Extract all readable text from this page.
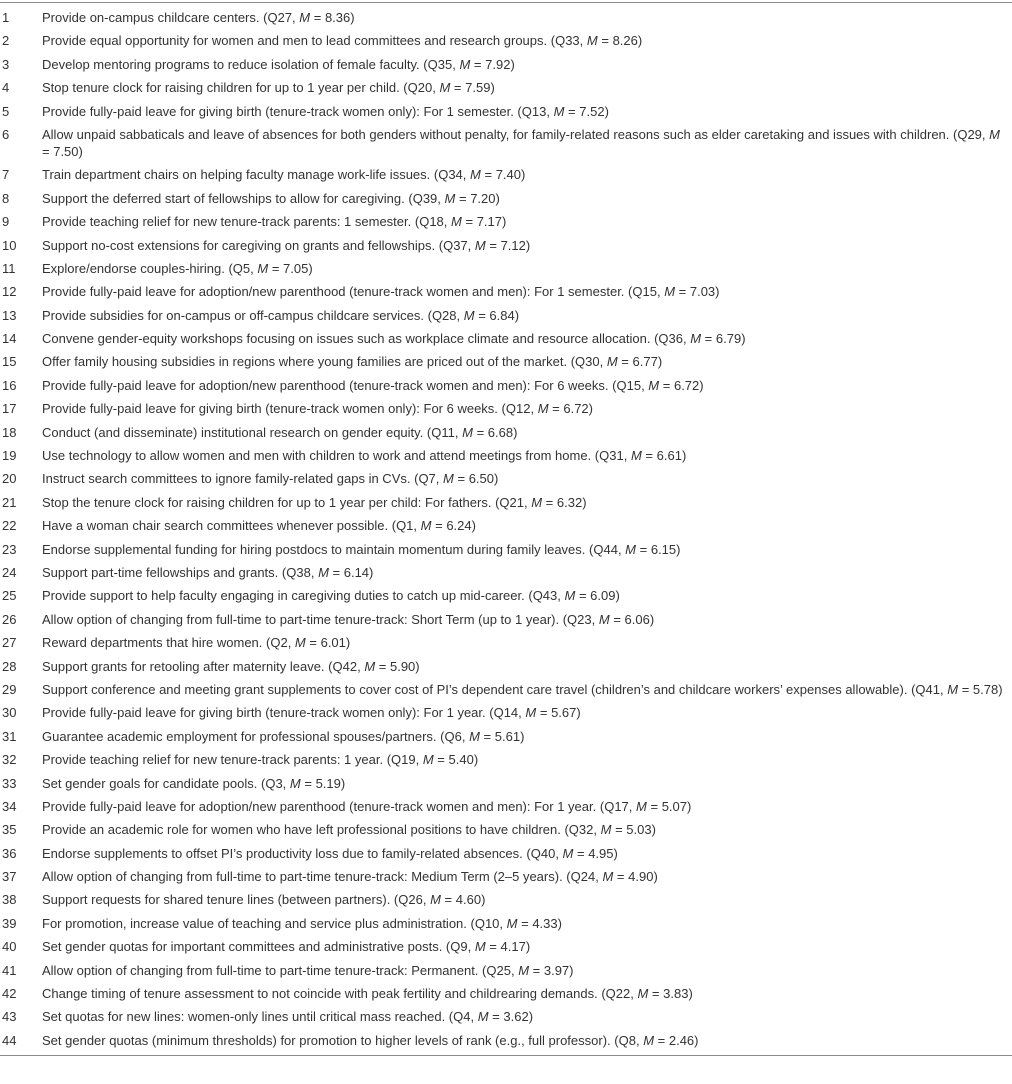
1	Provide on-campus childcare centers. (Q27, M = 8.36)
2	Provide equal opportunity for women and men to lead committees and research groups. (Q33, M = 8.26)
3	Develop mentoring programs to reduce isolation of female faculty. (Q35, M = 7.92)
4	Stop tenure clock for raising children for up to 1 year per child. (Q20, M = 7.59)
5	Provide fully-paid leave for giving birth (tenure-track women only): For 1 semester. (Q13, M = 7.52)
6	Allow unpaid sabbaticals and leave of absences for both genders without penalty, for family-related reasons such as elder caretaking and issues with children. (Q29, M = 7.50)
7	Train department chairs on helping faculty manage work-life issues. (Q34, M = 7.40)
8	Support the deferred start of fellowships to allow for caregiving. (Q39, M = 7.20)
9	Provide teaching relief for new tenure-track parents: 1 semester. (Q18, M = 7.17)
10	Support no-cost extensions for caregiving on grants and fellowships. (Q37, M = 7.12)
11	Explore/endorse couples-hiring. (Q5, M = 7.05)
12	Provide fully-paid leave for adoption/new parenthood (tenure-track women and men): For 1 semester. (Q15, M = 7.03)
13	Provide subsidies for on-campus or off-campus childcare services. (Q28, M = 6.84)
14	Convene gender-equity workshops focusing on issues such as workplace climate and resource allocation. (Q36, M = 6.79)
15	Offer family housing subsidies in regions where young families are priced out of the market. (Q30, M = 6.77)
16	Provide fully-paid leave for adoption/new parenthood (tenure-track women and men): For 6 weeks. (Q15, M = 6.72)
17	Provide fully-paid leave for giving birth (tenure-track women only): For 6 weeks. (Q12, M = 6.72)
18	Conduct (and disseminate) institutional research on gender equity. (Q11, M = 6.68)
19	Use technology to allow women and men with children to work and attend meetings from home. (Q31, M = 6.61)
20	Instruct search committees to ignore family-related gaps in CVs. (Q7, M = 6.50)
21	Stop the tenure clock for raising children for up to 1 year per child: For fathers. (Q21, M = 6.32)
22	Have a woman chair search committees whenever possible. (Q1, M = 6.24)
23	Endorse supplemental funding for hiring postdocs to maintain momentum during family leaves. (Q44, M = 6.15)
24	Support part-time fellowships and grants. (Q38, M = 6.14)
25	Provide support to help faculty engaging in caregiving duties to catch up mid-career. (Q43, M = 6.09)
26	Allow option of changing from full-time to part-time tenure-track: Short Term (up to 1 year). (Q23, M = 6.06)
27	Reward departments that hire women. (Q2, M = 6.01)
28	Support grants for retooling after maternity leave. (Q42, M = 5.90)
29	Support conference and meeting grant supplements to cover cost of PI’s dependent care travel (children’s and childcare workers’ expenses allowable). (Q41, M = 5.78)
30	Provide fully-paid leave for giving birth (tenure-track women only): For 1 year. (Q14, M = 5.67)
31	Guarantee academic employment for professional spouses/partners. (Q6, M = 5.61)
32	Provide teaching relief for new tenure-track parents: 1 year. (Q19, M = 5.40)
33	Set gender goals for candidate pools. (Q3, M = 5.19)
34	Provide fully-paid leave for adoption/new parenthood (tenure-track women and men): For 1 year. (Q17, M = 5.07)
35	Provide an academic role for women who have left professional positions to have children. (Q32, M = 5.03)
36	Endorse supplements to offset PI’s productivity loss due to family-related absences. (Q40, M = 4.95)
37	Allow option of changing from full-time to part-time tenure-track: Medium Term (2–5 years). (Q24, M = 4.90)
38	Support requests for shared tenure lines (between partners). (Q26, M = 4.60)
39	For promotion, increase value of teaching and service plus administration. (Q10, M = 4.33)
40	Set gender quotas for important committees and administrative posts. (Q9, M = 4.17)
41	Allow option of changing from full-time to part-time tenure-track: Permanent. (Q25, M = 3.97)
42	Change timing of tenure assessment to not coincide with peak fertility and childrearing demands. (Q22, M = 3.83)
43	Set quotas for new lines: women-only lines until critical mass reached. (Q4, M = 3.62)
44	Set gender quotas (minimum thresholds) for promotion to higher levels of rank (e.g., full professor). (Q8, M = 2.46)
